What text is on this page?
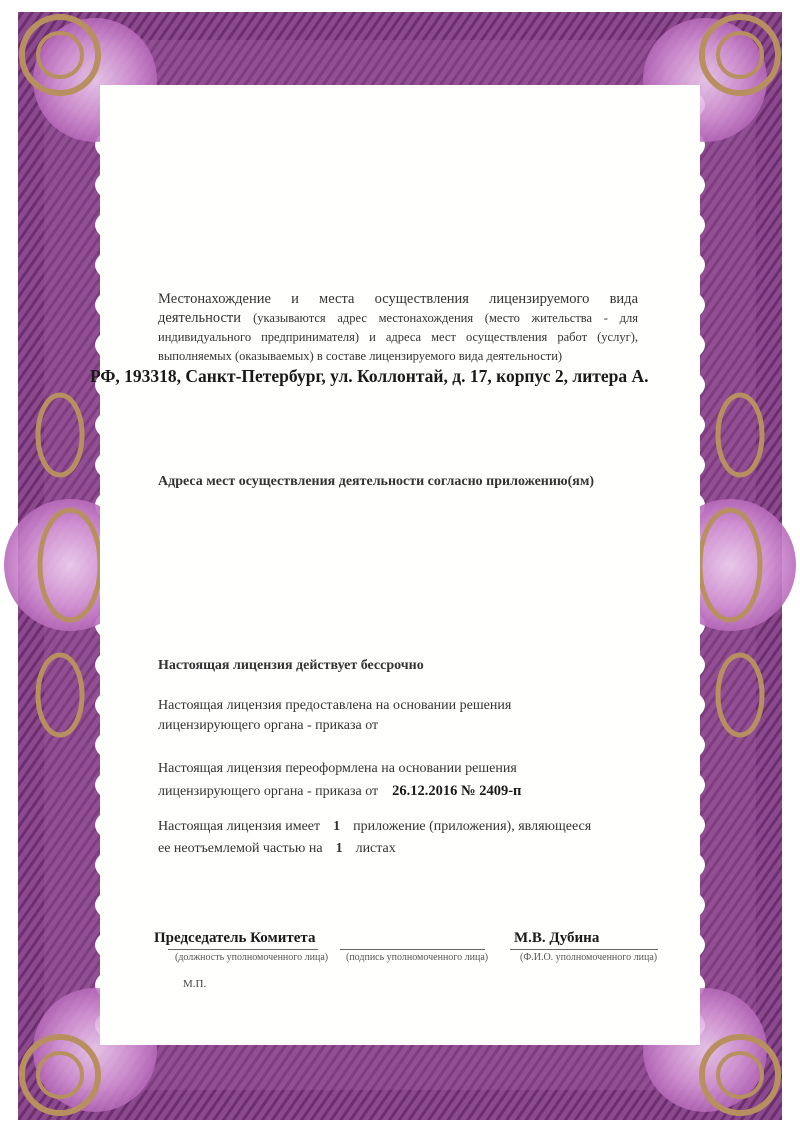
Местонахождение и места осуществления лицензируемого вида деятельности (указываются адрес местонахождения (место жительства - для индивидуального предпринимателя) и адреса мест осуществления работ (услуг), выполняемых (оказываемых) в составе лицензируемого вида деятельности)
РФ, 193318, Санкт-Петербург, ул. Коллонтай, д. 17, корпус 2, литера А.
Адреса мест осуществления деятельности согласно приложению(ям)
Настоящая лицензия действует бессрочно
Настоящая лицензия предоставлена на основании решения
лицензирующего органа - приказа от
Настоящая лицензия переоформлена на основании решения
лицензирующего органа - приказа от 26.12.2016 № 2409-п
Настоящая лицензия имеет 1 приложение (приложения), являющееся
ее неотъемлемой частью на 1 листах
Председатель Комитета	М.В. Дубина
(должность уполномоченного лица) (подпись уполномоченного лица)	(Ф.И.О. уполномоченного лица)
М.П.
